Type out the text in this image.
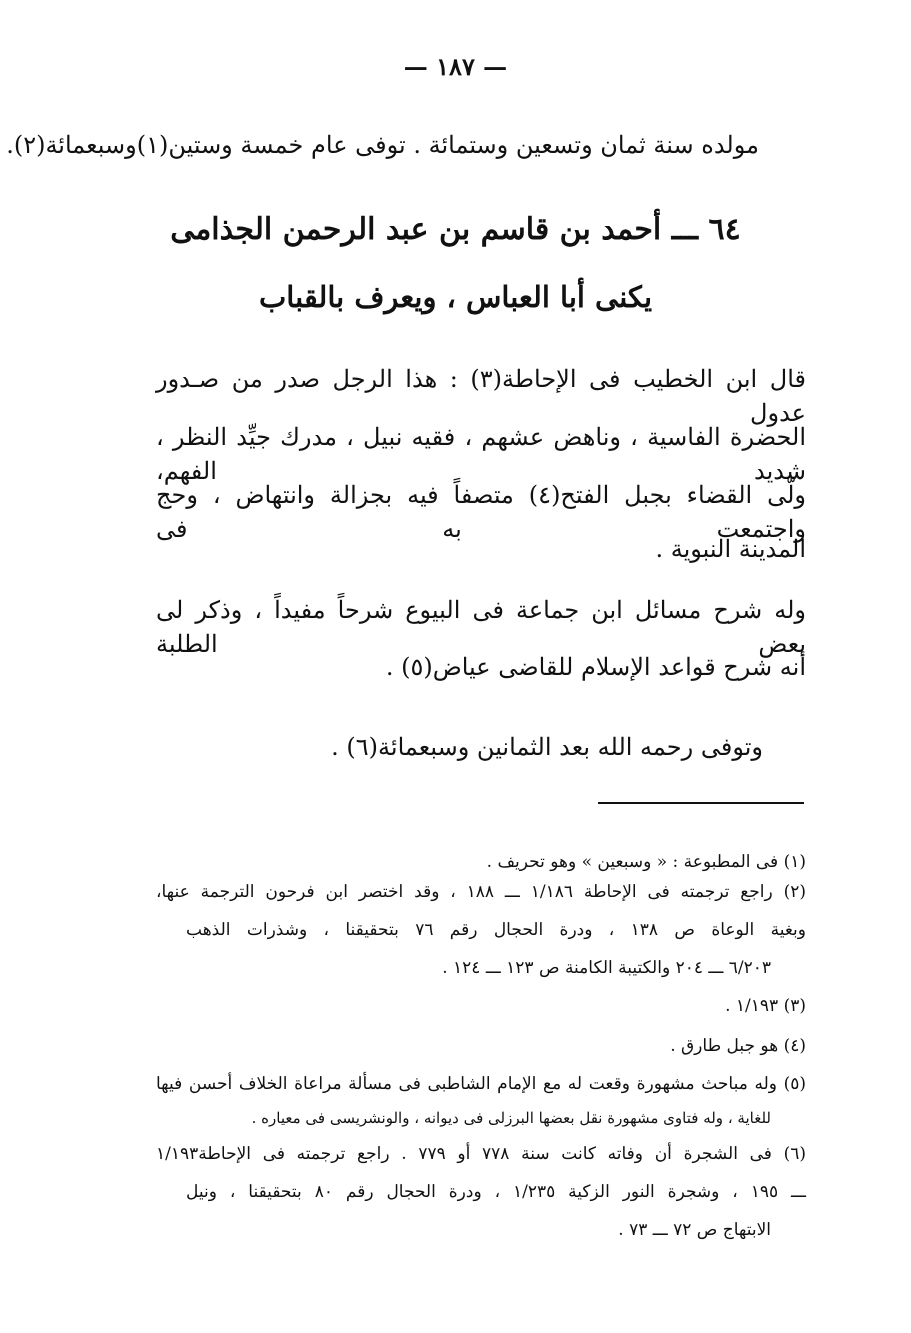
— ١٨٧ —
مولده سنة ثمان وتسعين وستمائة . توفى عام خمسة وستين(١)وسبعمائة(٢).
٦٤ ـــ أحمد بن قاسم بن عبد الرحمن الجذامى
يكنى أبا العباس ، ويعرف بالقباب
قال ابن الخطيب فى الإحاطة(٣) : هذا الرجل صدر من صـدور عدول
الحضرة الفاسية ، وناهض عشهم ، فقيه نبيل ، مدرك جيِّد النظر ، شديد الفهم،
ولّى القضاء بجبل الفتح(٤) متصفاً فيه بجزالة وانتهاض ، وحج واجتمعت به فى
المدينة النبوية .
وله شرح مسائل ابن جماعة فى البيوع شرحاً مفيداً ، وذكر لى بعض الطلبة
أنه شرح قواعد الإسلام للقاضى عياض(٥) .
وتوفى رحمه الله بعد الثمانين وسبعمائة(٦) .
(١) فى المطبوعة : « وسبعين » وهو تحريف .
(٢) راجع ترجمته فى الإحاطة ١/١٨٦ ـــ ١٨٨ ، وقد اختصر ابن فرحون الترجمة عنها،
وبغية الوعاة ص ١٣٨ ، ودرة الحجال رقم ٧٦ بتحقيقنا ، وشذرات الذهب
٦/٢٠٣ ـــ ٢٠٤ والكتيبة الكامنة ص ١٢٣ ـــ ١٢٤ .
(٣) ١/١٩٣ .
(٤) هو جبل طارق .
(٥) وله مباحث مشهورة وقعت له مع الإمام الشاطبى فى مسألة مراعاة الخلاف أحسن فيها
للغاية ، وله فتاوى مشهورة نقل بعضها البرزلى فى ديوانه ، والونشريسى فى معياره .
(٦) فى الشجرة أن وفاته كانت سنة ٧٧٨ أو ٧٧٩ . راجع ترجمته فى الإحاطة١/١٩٣
ـــ ١٩٥ ، وشجرة النور الزكية ١/٢٣٥ ، ودرة الحجال رقم ٨٠ بتحقيقنا ، ونيل
الابتهاج ص ٧٢ ـــ ٧٣ .
